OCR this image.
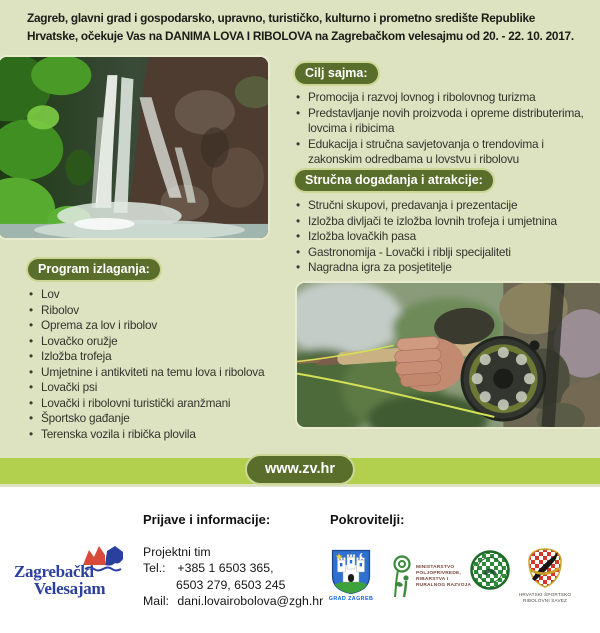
Zagreb, glavni grad i gospodarsko, upravno, turističko, kulturno i prometno središte Republike Hrvatske, očekuje Vas na DANIMA LOVA I RIBOLOVA na Zagrebačkom velesajmu od 20. - 22. 10. 2017.
Cilj sajma:
• Promocija i razvoj lovnog i ribolovnog turizma
• Predstavljanje novih proizvoda i opreme distributerima, lovcima i ribicima
• Edukacija i stručna savjetovanja o trendovima i zakonskim odredbama u lovstvu i ribolovu
Stručna događanja i atrakcije:
• Stručni skupovi, predavanja i prezentacije
• Izložba divljači te izložba lovnih trofeja i umjetnina
• Izložba lovačkih pasa
• Gastronomija - Lovački i riblji specijaliteti
• Nagradna igra za posjetitelje
Program izlaganja:
• Lov
• Ribolov
• Oprema za lov i ribolov
• Lovačko oružje
• Izložba trofeja
• Umjetnine i antikviteti na temu lova i ribolova
• Lovački psi
• Lovački i ribolovni turistički aranžmani
• Športsko gađanje
• Terenska vozila i ribička plovila
www.zv.hr
Prijave i informacije:	Pokrovitelji:
Projektni tim
Tel.: +385 1 6503 365,
6503 279, 6503 245
Mail: dani.lovairobolova@zgh.hr
Zagrebački
Velesajam
GRAD ZAGREB
MINISTARSTVO
POLJOPRIVREDE,
RIBARSTVA I
RURALNOG RAZVOJA
HRVATSKI ŠPORTSKO
RIBOLOVNI SAVEZ
